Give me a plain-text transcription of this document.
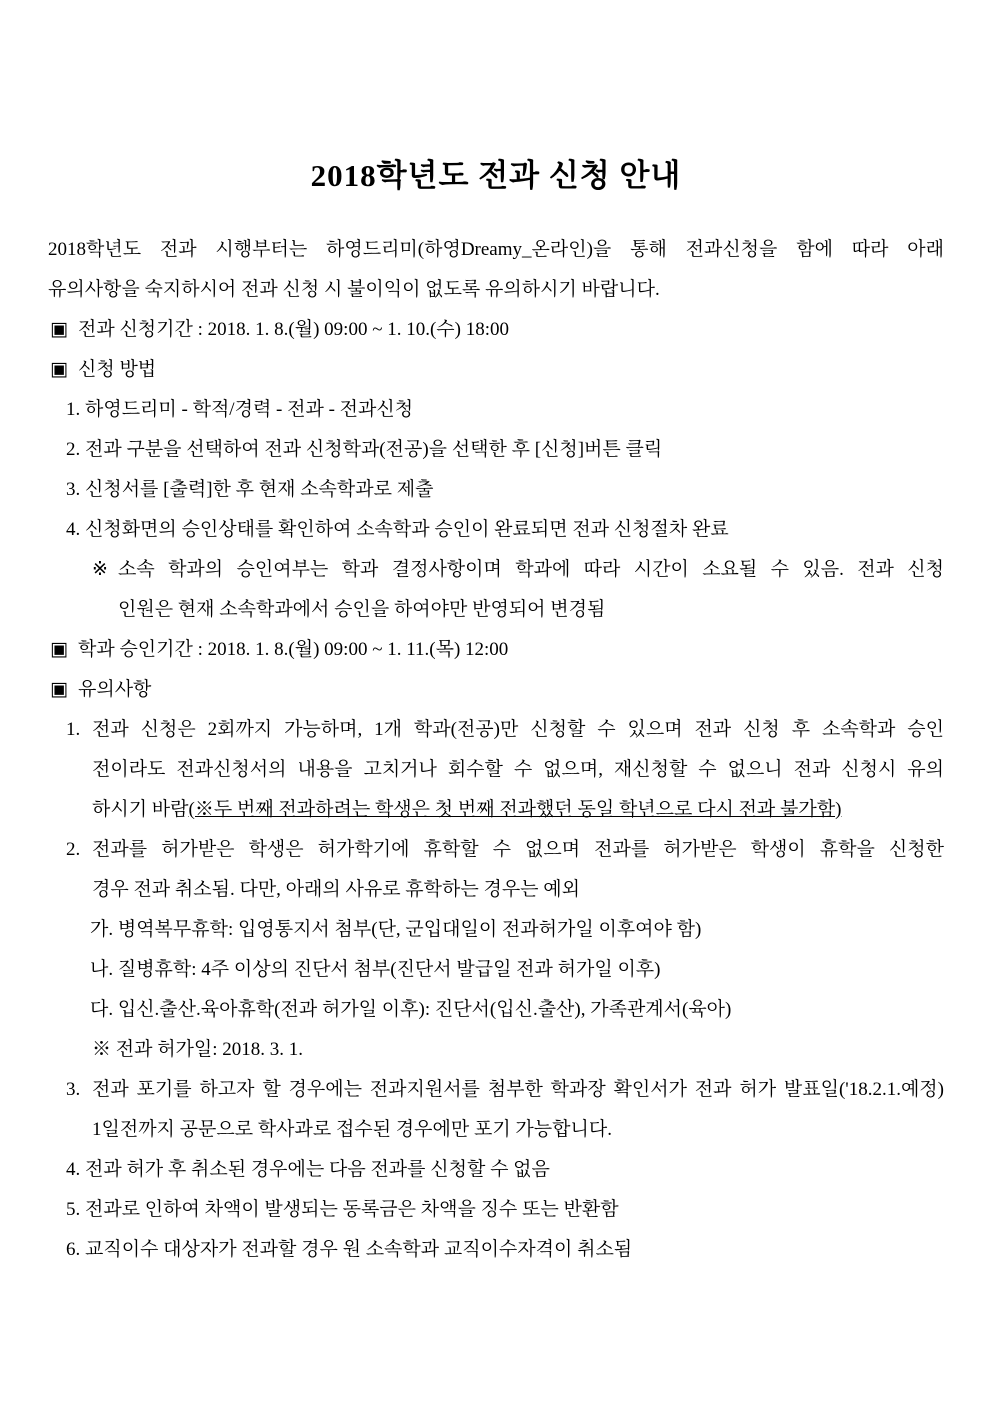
2018학년도 전과 신청 안내
2018학년도 전과 시행부터는 하영드리미(하영Dreamy_온라인)을 통해 전과신청을 함에 따라 아래
유의사항을 숙지하시어 전과 신청 시 불이익이 없도록 유의하시기 바랍니다.
▣ 전과 신청기간 : 2018. 1. 8.(월) 09:00 ~ 1. 10.(수) 18:00
▣ 신청 방법
1. 하영드리미 - 학적/경력 - 전과 - 전과신청
2. 전과 구분을 선택하여 전과 신청학과(전공)을 선택한 후 [신청]버튼 클릭
3. 신청서를 [출력]한 후 현재 소속학과로 제출
4. 신청화면의 승인상태를 확인하여 소속학과 승인이 완료되면 전과 신청절차 완료
※ 소속 학과의 승인여부는 학과 결정사항이며 학과에 따라 시간이 소요될 수 있음. 전과 신청
인원은 현재 소속학과에서 승인을 하여야만 반영되어 변경됨
▣ 학과 승인기간 : 2018. 1. 8.(월) 09:00 ~ 1. 11.(목) 12:00
▣ 유의사항
1. 전과 신청은 2회까지 가능하며, 1개 학과(전공)만 신청할 수 있으며 전과 신청 후 소속학과 승인
전이라도 전과신청서의 내용을 고치거나 회수할 수 없으며, 재신청할 수 없으니 전과 신청시 유의
하시기 바람(※두 번째 전과하려는 학생은 첫 번째 전과했던 동일 학년으로 다시 전과 불가함)
2. 전과를 허가받은 학생은 허가학기에 휴학할 수 없으며 전과를 허가받은 학생이 휴학을 신청한
경우 전과 취소됨. 다만, 아래의 사유로 휴학하는 경우는 예외
가. 병역복무휴학: 입영통지서 첨부(단, 군입대일이 전과허가일 이후여야 함)
나. 질병휴학: 4주 이상의 진단서 첨부(진단서 발급일 전과 허가일 이후)
다. 입신.출산.육아휴학(전과 허가일 이후): 진단서(입신.출산), 가족관계서(육아)
※ 전과 허가일: 2018. 3. 1.
3. 전과 포기를 하고자 할 경우에는 전과지원서를 첨부한 학과장 확인서가 전과 허가 발표일('18.2.1.예정)
1일전까지 공문으로 학사과로 접수된 경우에만 포기 가능합니다.
4. 전과 허가 후 취소된 경우에는 다음 전과를 신청할 수 없음
5. 전과로 인하여 차액이 발생되는 동록금은 차액을 징수 또는 반환함
6. 교직이수 대상자가 전과할 경우 원 소속학과 교직이수자격이 취소됨
